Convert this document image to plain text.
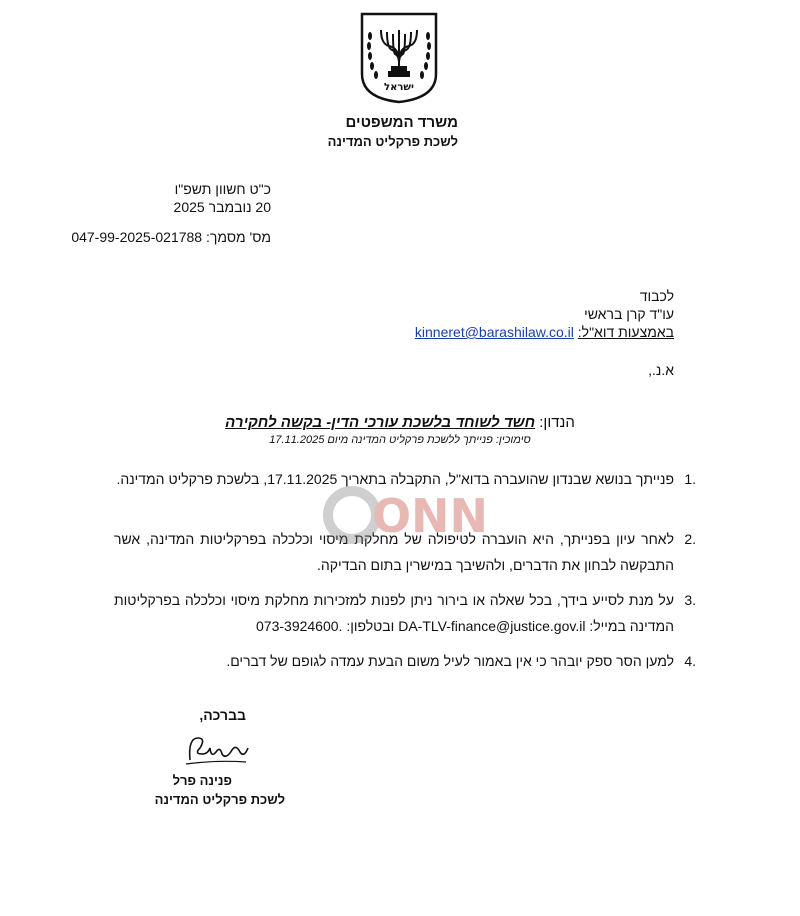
ישראל
משרד המשפטים
לשכת פרקליט המדינה
כ"ט חשוון תשפ"ו
20 נובמבר 2025
מס' מסמך: 047-99-2025-021788
לכבוד
עו"ד קרן בראשי
באמצעות דוא"ל: kinneret@barashilaw.co.il
א.נ.,
הנדון: חשד לשוחד בלשכת עורכי הדין- בקשה לחקירה
סימוכין: פנייתך ללשכת פרקליט המדינה מיום 17.11.2025
1.
פנייתך בנושא שבנדון שהועברה בדוא"ל, התקבלה בתאריך 17.11.2025, בלשכת פרקליט המדינה.
2.
לאחר עיון בפנייתך, היא הועברה לטיפולה של מחלקת מיסוי וכלכלה בפרקליטות המדינה, אשר התבקשה לבחון את הדברים, ולהשיבך במישרין בתום הבדיקה.
3.
על מנת לסייע בידך, בכל שאלה או בירור ניתן לפנות למזכירות מחלקת מיסוי וכלכלה בפרקליטות המדינה במייל: DA-TLV-finance@justice.gov.il ובטלפון: 073-3924600.
4.
למען הסר ספק יובהר כי אין באמור לעיל משום הבעת עמדה לגופם של דברים.
ONN
בברכה,
פנינה פרל
לשכת פרקליט המדינה
